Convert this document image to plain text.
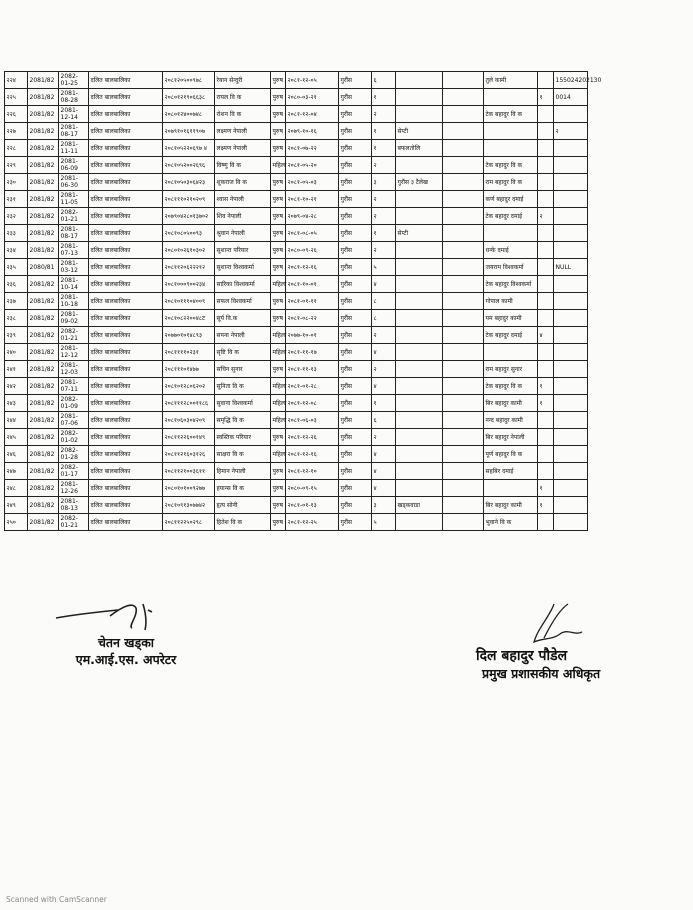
२२४	2081/82	2082-01-25	दलित बालबालिका	२०८१२०५००९७८	रेयान सेन्दुरी	पुरुष	२०८१-१२-०५	गुरौंस	६			तुले कामी		155024202130
२२५	2081/82	2081-08-28	दलित बालबालिका	२०८०१२१९०६६३८	रायल वि क	पुरुष	२०८०-०३-२१	गुरौंस	१				१	0014
२२६	2081/82	2081-12-14	दलित बालबालिका	२०८०१२४००७४८	रोशन वि क	पुरुष	२०८१-१२-०४	गुरौंस	२			टेक बहादुर वि क		
२२७	2081/82	2081-08-17	दलित बालबालिका	२०७९१०१६११९०७	लक्ष्मण नेपाली	पुरुष	२०७९-१०-१६	गुरौंस	१	सेप्टी				२
२२८	2081/82	2081-11-11	दलित बालबालिका	२०८१०५२२०६९७ ४	लक्ष्मण नेपाली	पुरुष	२०८१-०७-२२	गुरौंस	१	बफलतोलि				
२२९	2081/82	2081-06-09	दलित बालबालिका	२०८१०५२००२६९६	विष्णु वि क	महिला	२०८१-०५-२०	गुरौंस	२			टेक बहादुर वि क		
२३०	2081/82	2081-06-30	दलित बालबालिका	२०८१०५०३०६४२३	शुकराज वि क	पुरुष	२०८१-०५-०३	गुरौंस	३	गुरौंस ३ टैलेख		राम बहादुर वि क		
२३१	2081/82	2081-11-05	दलित बालबालिका	२०८१११०२१०२०९	श्वास नेपाली	पुरुष	२०८१-१०-२१	गुरौंस	२			कर्ण बहादुर दमाई		
२३२	2081/82	2082-01-21	दलित बालबालिका	२०७९०४२८०१३७०२	शिव नेपाली	पुरुष	२०७९-०४-२८	गुरौंस	२			टेक बहादुर दमाई	२	
२३३	2081/82	2081-08-17	दलित बालबालिका	२०८१०८०५००९३	श्रुवान नेपाली	पुरुष	२०८१-०८-०५	गुरौंस	१	सेप्टी				
२३४	2081/82	2081-07-13	दलित बालबालिका	२०८०१०२६१०३०२	सुशान्त परियार	पुरुष	२०८०-०९-२६	गुरौंस	२			धन्के दमाई		
२३५	2080/81	2081-03-12	दलित बालबालिका	२०८११२०६२२२१२	सुशान्त विश्वकर्मा	पुरुष	२०८१-१२-१६	गुरौंस	५			जयराम विश्वकर्मा		NULL
२३६	2081/82	2081-10-14	दलित बालबालिका	२०८१०००९००२३४	सारिका विश्वकर्मा	महिला	२०८१-१०-०१	गुरौंस	४			टेक बहादुर विश्वकर्मा		
२३७	2081/82	2081-10-18	दलित बालबालिका	२०८१०१११०४००९	सफल विश्वकर्मा	पुरुष	२०८१-०१-११	गुरौंस	८			गोपाल कामी		
२३८	2081/82	2081-09-02	दलित बालबालिका	२०८१०८२२००४८ट	सूर्य वि.क	पुरुष	२०८१-०८-२२	गुरौंस	८			यम बहादुर कामी		
२३९	2081/82	2082-01-21	दलित बालबालिका	२०७७०१०१४८९३	सपना नेपाली	महिला	२०७७-१०-०१	गुरौंस	२			टेक बहादुर दमाई	४	
२४०	2081/82	2081-12-12	दलित बालबालिका	२०८११११०२३१	सृष्टि वि क	महिला	२०८१-११-१७	गुरौंस	४					
२४१	2081/82	2081-12-03	दलित बालबालिका	२०८१११०१४७७	सचिन सुनार	पुरुष	२०८१-११-१३	गुरौंस	२			राम बहादुर सुनार		
२४२	2081/82	2081-07-11	दलित बालबालिका	२०८१०१२८०६२०२	सुनिता वि क	महिला	२०८१-०१-२८	गुरौंस	४			टेक बहादुर वि क	१	
२४३	2081/82	2082-01-09	दलित बालबालिका	२०८१११२८००११८६	सुवाना विश्वकर्मा	महिला	२०८१-१२-०८	गुरौंस	१			बिर बहादुर कामी	१	
२४४	2081/82	2081-07-06	दलित बालबालिका	२०८१०६०३०४२०९	समृद्धि वि क	महिला	२०८१-०६-०३	गुरौंस	६			नन्द बहादुर कामी		
२४५	2081/82	2082-01-02	दलित बालबालिका	२०८११२२६००१४९	स्वस्तिक परियार	पुरुष	२०८१-१२-२६	गुरौंस	२			बिर बहादुर नेपाली		
२४६	2081/82	2082-01-28	दलित बालबालिका	२०८११२१६०३१२६	साक्षरा वि क	महिला	२०८१-१२-१६	गुरौंस	४			पूर्ण बहादुर वि क		
२४७	2081/82	2082-01-17	दलित बालबालिका	२०८११२१००३६११	हिमान नेपाली	पुरुष	२०८१-१२-१०	गुरौंस	४			सहबिर दमाई		
२४८	2081/82	2081-12-26	दलित बालबालिका	२०८०१०१००९२७७	हयान्स वि क	पुरुष	२०८०-०९-१५	गुरौंस	४				१	
२४९	2081/82	2081-08-13	दलित बालबालिका	२०८१०९१३०७७४२	हृत्य सोनी	पुरुष	२०८१-०१-१३	गुरौंस	३	खड्कवाडा		बिर बहादुर कामी	१	
२५०	2081/82	2082-01-21	दलित बालबालिका	२०८११२२५०२९८	हितेश वि क	पुरुष	२०८१-१२-२५	गुरौंस	५			भुवाने वि क		
चेतन खड्का
एम.आई.एस. अपरेटर	दिल बहादुर पौडेल
प्रमुख प्रशासकीय अधिकृत
Scanned with CamScanner
